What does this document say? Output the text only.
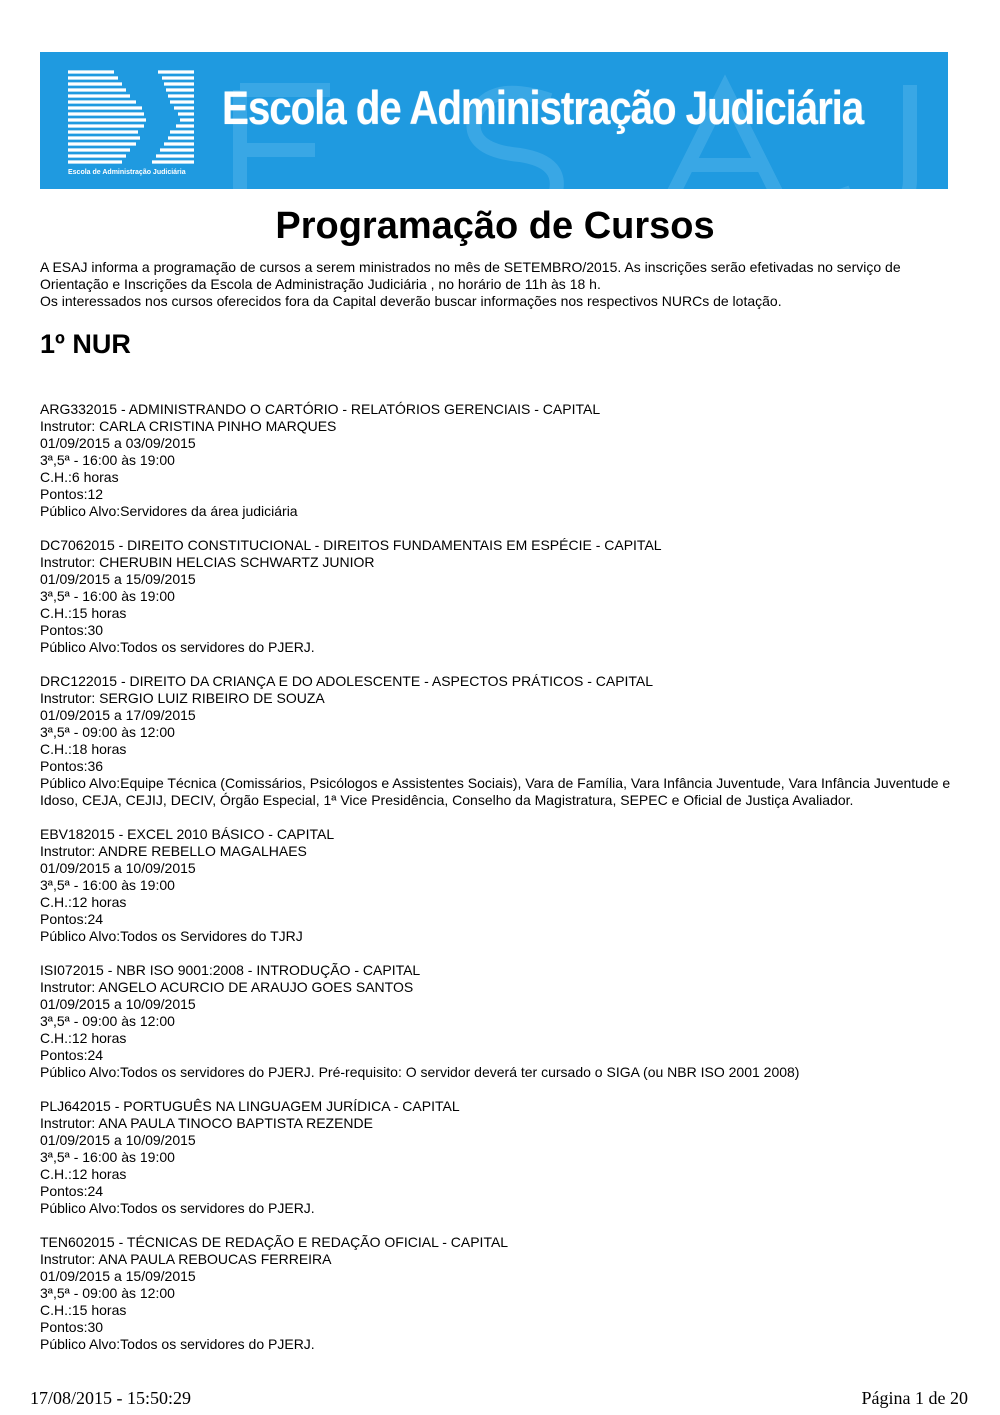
Escola de Administração Judiciária
Escola de Administração Judiciária
Programação de Cursos

A ESAJ informa a programação de cursos a serem ministrados no mês de SETEMBRO/2015. As inscrições serão efetivadas no serviço de Orientação e Inscrições da Escola de Administração Judiciária , no horário de 11h às 18 h.

Os interessados nos cursos oferecidos fora da Capital deverão buscar informações nos respectivos NURCs de lotação.

1º NUR
ARG332015 - ADMINISTRANDO O CARTÓRIO - RELATÓRIOS GERENCIAIS - CAPITAL
Instrutor: CARLA CRISTINA PINHO MARQUES
01/09/2015 a 03/09/2015
3ª,5ª - 16:00 às 19:00
C.H.:6 horas
Pontos:12
Público Alvo:Servidores da área judiciária
DC7062015 - DIREITO CONSTITUCIONAL - DIREITOS FUNDAMENTAIS EM ESPÉCIE - CAPITAL
Instrutor: CHERUBIN HELCIAS SCHWARTZ JUNIOR
01/09/2015 a 15/09/2015
3ª,5ª - 16:00 às 19:00
C.H.:15 horas
Pontos:30
Público Alvo:Todos os servidores do PJERJ.
DRC122015 - DIREITO DA CRIANÇA E DO ADOLESCENTE - ASPECTOS PRÁTICOS - CAPITAL
Instrutor: SERGIO LUIZ RIBEIRO DE SOUZA
01/09/2015 a 17/09/2015
3ª,5ª - 09:00 às 12:00
C.H.:18 horas
Pontos:36
Público Alvo:Equipe Técnica (Comissários, Psicólogos e Assistentes Sociais), Vara de Família, Vara Infância Juventude, Vara Infância Juventude e Idoso, CEJA, CEJIJ, DECIV, Órgão Especial, 1ª Vice Presidência, Conselho da Magistratura, SEPEC e Oficial de Justiça Avaliador.
EBV182015 - EXCEL 2010 BÁSICO - CAPITAL
Instrutor: ANDRE REBELLO MAGALHAES
01/09/2015 a 10/09/2015
3ª,5ª - 16:00 às 19:00
C.H.:12 horas
Pontos:24
Público Alvo:Todos os Servidores do TJRJ
ISI072015 - NBR ISO 9001:2008 - INTRODUÇÃO - CAPITAL
Instrutor: ANGELO ACURCIO DE ARAUJO GOES SANTOS
01/09/2015 a 10/09/2015
3ª,5ª - 09:00 às 12:00
C.H.:12 horas
Pontos:24
Público Alvo:Todos os servidores do PJERJ. Pré-requisito: O servidor deverá ter cursado o SIGA (ou NBR ISO 2001 2008)
PLJ642015 - PORTUGUÊS NA LINGUAGEM JURÍDICA - CAPITAL
Instrutor: ANA PAULA TINOCO BAPTISTA REZENDE
01/09/2015 a 10/09/2015
3ª,5ª - 16:00 às 19:00
C.H.:12 horas
Pontos:24
Público Alvo:Todos os servidores do PJERJ.
TEN602015 - TÉCNICAS DE REDAÇÃO E REDAÇÃO OFICIAL - CAPITAL
Instrutor: ANA PAULA REBOUCAS FERREIRA
01/09/2015 a 15/09/2015
3ª,5ª - 09:00 às 12:00
C.H.:15 horas
Pontos:30
Público Alvo:Todos os servidores do PJERJ.
17/08/2015 - 15:50:29	Página 1 de 20
